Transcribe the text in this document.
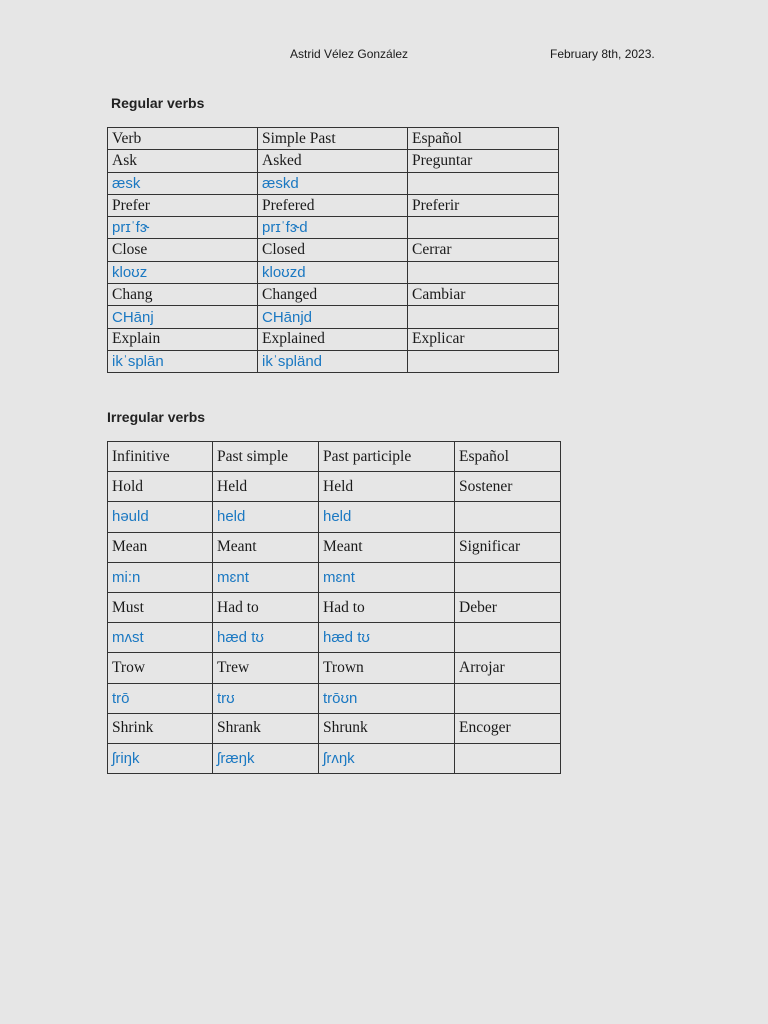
Astrid Vélez González	February 8th, 2023.
Regular verbs
Verb	Simple Past	Español
Ask	Asked	Preguntar
æsk	æskd	
Prefer	Prefered	Preferir
prɪˈfɝ	prɪˈfɝd	
Close	Closed	Cerrar
kloʊz	kloʊzd	
Chang	Changed	Cambiar
CHānj	CHānjd	
Explain	Explained	Explicar
ikˈsplān	ikˈspländ	
Irregular verbs
Infinitive	Past simple	Past participle	Español
Hold	Held	Held	Sostener
həuld	held	held	
Mean	Meant	Meant	Significar
mi:n	mɛnt	mɛnt	
Must	Had to	Had to	Deber
mʌst	hæd tʊ	hæd tʊ	
Trow	Trew	Trown	Arrojar
trō	trʊ	trōʊn	
Shrink	Shrank	Shrunk	Encoger
ʃriŋk	ʃræŋk	ʃrʌŋk	
